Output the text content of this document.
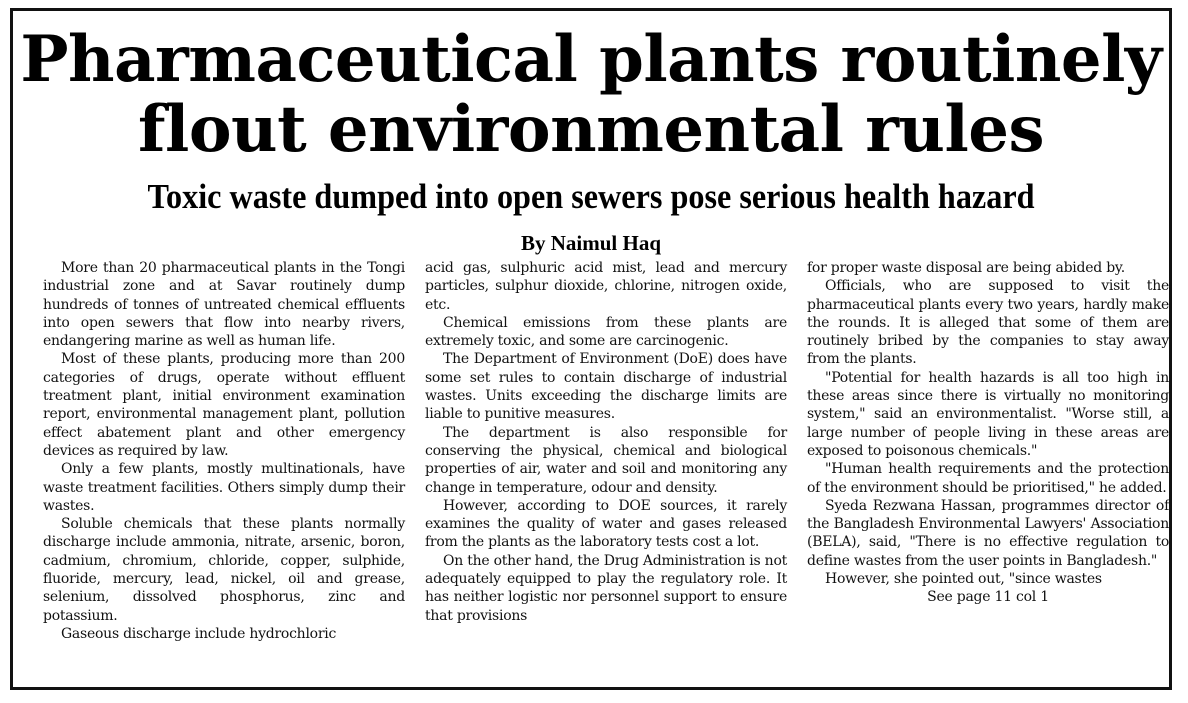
Pharmaceutical plants routinely
flout environmental rules
Toxic waste dumped into open sewers pose serious health hazard
By Naimul Haq

More than 20 pharmaceutical plants in the Tongi industrial zone and at Savar routinely dump hundreds of tonnes of untreated chemical effluents into open sewers that flow into nearby rivers, endangering marine as well as human life.

Most of these plants, producing more than 200 categories of drugs, operate without effluent treatment plant, initial environment examination report, environmental management plant, pollution effect abatement plant and other emergency devices as required by law.

Only a few plants, mostly multinationals, have waste treatment facilities. Others simply dump their wastes.

Soluble chemicals that these plants normally discharge include ammonia, nitrate, arsenic, boron, cadmium, chromium, chloride, copper, sulphide, fluoride, mercury, lead, nickel, oil and grease, selenium, dissolved phosphorus, zinc and potassium.

Gaseous discharge include hydrochloric

acid gas, sulphuric acid mist, lead and mercury particles, sulphur dioxide, chlorine, nitrogen oxide, etc.

Chemical emissions from these plants are extremely toxic, and some are carcinogenic.

The Department of Environment (DoE) does have some set rules to contain discharge of industrial wastes. Units exceeding the discharge limits are liable to punitive measures.

The department is also responsible for conserving the physical, chemical and biological properties of air, water and soil and monitoring any change in temperature, odour and density.

However, according to DOE sources, it rarely examines the quality of water and gases released from the plants as the laboratory tests cost a lot.

On the other hand, the Drug Administration is not adequately equipped to play the regulatory role. It has neither logistic nor personnel support to ensure that provisions

for proper waste disposal are being abided by.

Officials, who are supposed to visit the pharmaceutical plants every two years, hardly make the rounds. It is alleged that some of them are routinely bribed by the companies to stay away from the plants.

"Potential for health hazards is all too high in these areas since there is virtually no monitoring system," said an environmentalist. "Worse still, a large number of people living in these areas are exposed to poisonous chemicals."

"Human health requirements and the protection of the environment should be prioritised," he added.

Syeda Rezwana Hassan, programmes director of the Bangladesh Environmental Lawyers' Association (BELA), said, "There is no effective regulation to define wastes from the user points in Bangladesh."

However, she pointed out, "since wastes

See page 11 col 1
